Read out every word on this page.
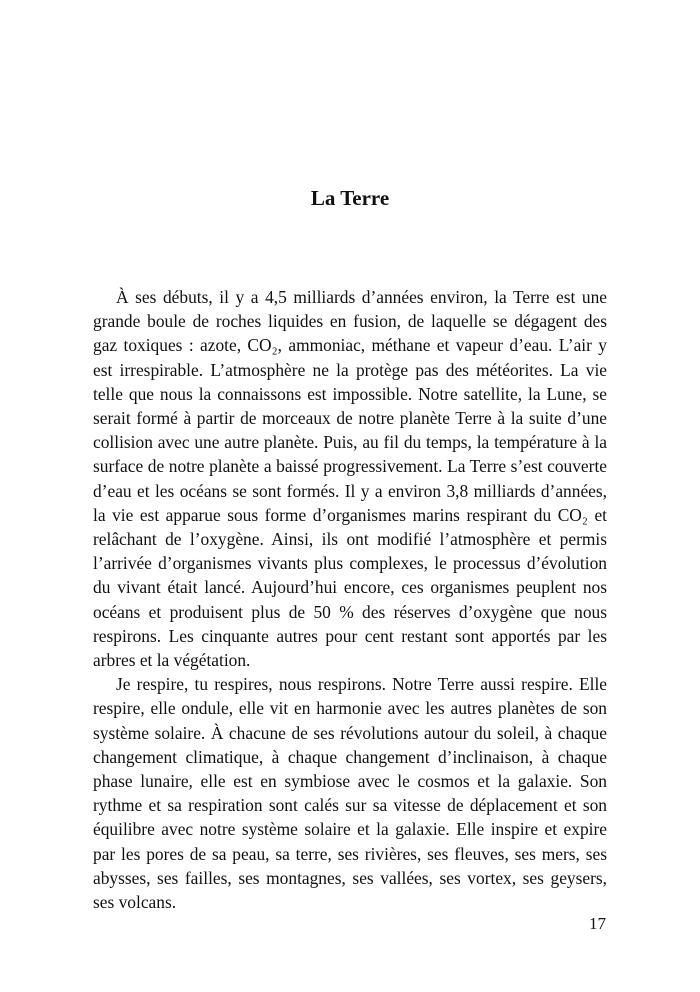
La Terre

À ses débuts, il y a 4,5 milliards d’années environ, la Terre est une grande boule de roches liquides en fusion, de laquelle se dégagent des gaz toxiques : azote, CO₂, ammoniac, méthane et vapeur d’eau. L’air y est irrespirable. L’atmosphère ne la protège pas des météorites. La vie telle que nous la connaissons est impossible. Notre satellite, la Lune, se serait formé à partir de morceaux de notre planète Terre à la suite d’une collision avec une autre planète. Puis, au fil du temps, la température à la surface de notre planète a baissé progressivement. La Terre s’est couverte d’eau et les océans se sont formés. Il y a environ 3,8 milliards d’années, la vie est apparue sous forme d’organismes marins respirant du CO₂ et relâchant de l’oxygène. Ainsi, ils ont modifié l’atmosphère et permis l’arrivée d’organismes vivants plus complexes, le processus d’évolution du vivant était lancé. Aujourd’hui encore, ces organismes peuplent nos océans et produisent plus de 50 % des réserves d’oxygène que nous respirons. Les cinquante autres pour cent restant sont apportés par les arbres et la végétation.

Je respire, tu respires, nous respirons. Notre Terre aussi respire. Elle respire, elle ondule, elle vit en harmonie avec les autres planètes de son système solaire. À chacune de ses révolutions autour du soleil, à chaque changement climatique, à chaque changement d’inclinaison, à chaque phase lunaire, elle est en symbiose avec le cosmos et la galaxie. Son rythme et sa respiration sont calés sur sa vitesse de déplacement et son équilibre avec notre système solaire et la galaxie. Elle inspire et expire par les pores de sa peau, sa terre, ses rivières, ses fleuves, ses mers, ses abysses, ses failles, ses montagnes, ses vallées, ses vortex, ses geysers, ses volcans.

17
